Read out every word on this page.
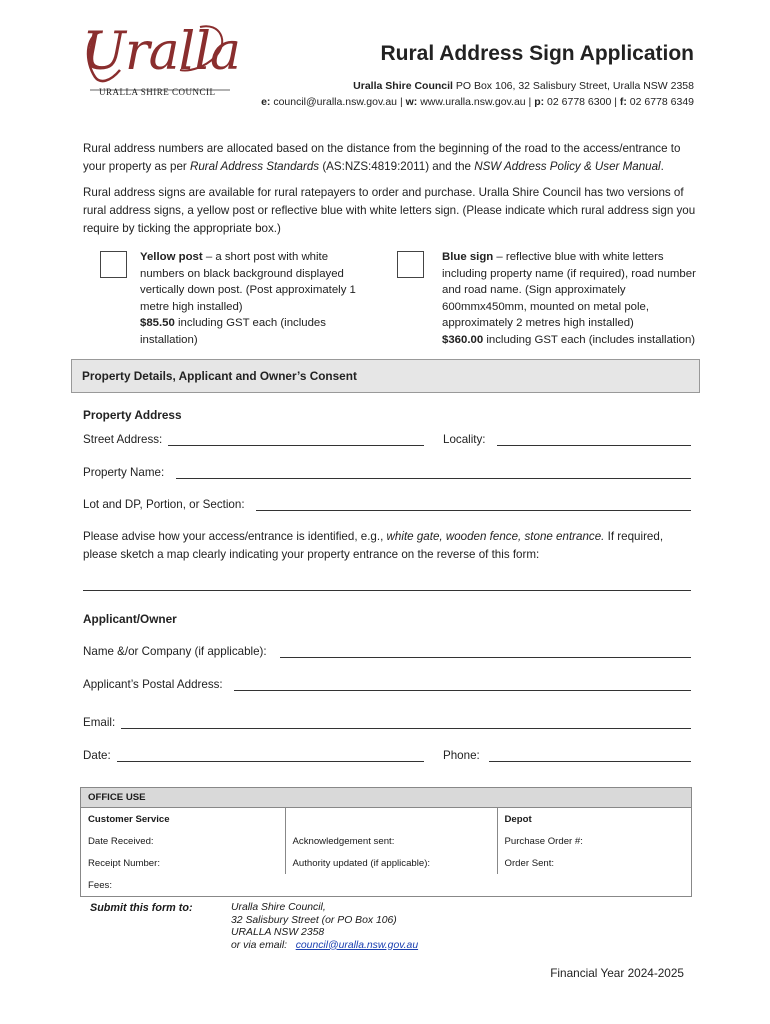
Uralla
URALLA SHIRE COUNCIL
Rural Address Sign Application
Uralla Shire Council PO Box 106, 32 Salisbury Street, Uralla NSW 2358
e: council@uralla.nsw.gov.au | w: www.uralla.nsw.gov.au | p: 02 6778 6300 | f: 02 6778 6349
Rural address numbers are allocated based on the distance from the beginning of the road to the access/entrance to your property as per Rural Address Standards (AS:NZS:4819:2011) and the NSW Address Policy & User Manual.
Rural address signs are available for rural ratepayers to order and purchase. Uralla Shire Council has two versions of rural address signs, a yellow post or reflective blue with white letters sign. (Please indicate which rural address sign you require by ticking the appropriate box.)
Yellow post – a short post with white numbers on black background displayed vertically down post. (Post approximately 1 metre high installed)
$85.50 including GST each (includes installation)
Blue sign – reflective blue with white letters including property name (if required), road number and road name. (Sign approximately 600mmx450mm, mounted on metal pole, approximately 2 metres high installed)
$360.00 including GST each (includes installation)
Property Details, Applicant and Owner’s Consent
Property Address
Street Address:	Locality:
Property Name:
Lot and DP, Portion, or Section:
Please advise how your access/entrance is identified, e.g., white gate, wooden fence, stone entrance. If required, please sketch a map clearly indicating your property entrance on the reverse of this form:
Applicant/Owner
Name &/or Company (if applicable):
Applicant’s Postal Address:
Email:
Date:	Phone:
OFFICE USE
Customer Service		Depot
Date Received:	Acknowledgement sent:	Purchase Order #:
Receipt Number:	Authority updated (if applicable):	Order Sent:
Fees:		
Submit this form to:	Uralla Shire Council,
32 Salisbury Street (or PO Box 106)
URALLA NSW 2358
or via email:   council@uralla.nsw.gov.au
Financial Year 2024-2025
